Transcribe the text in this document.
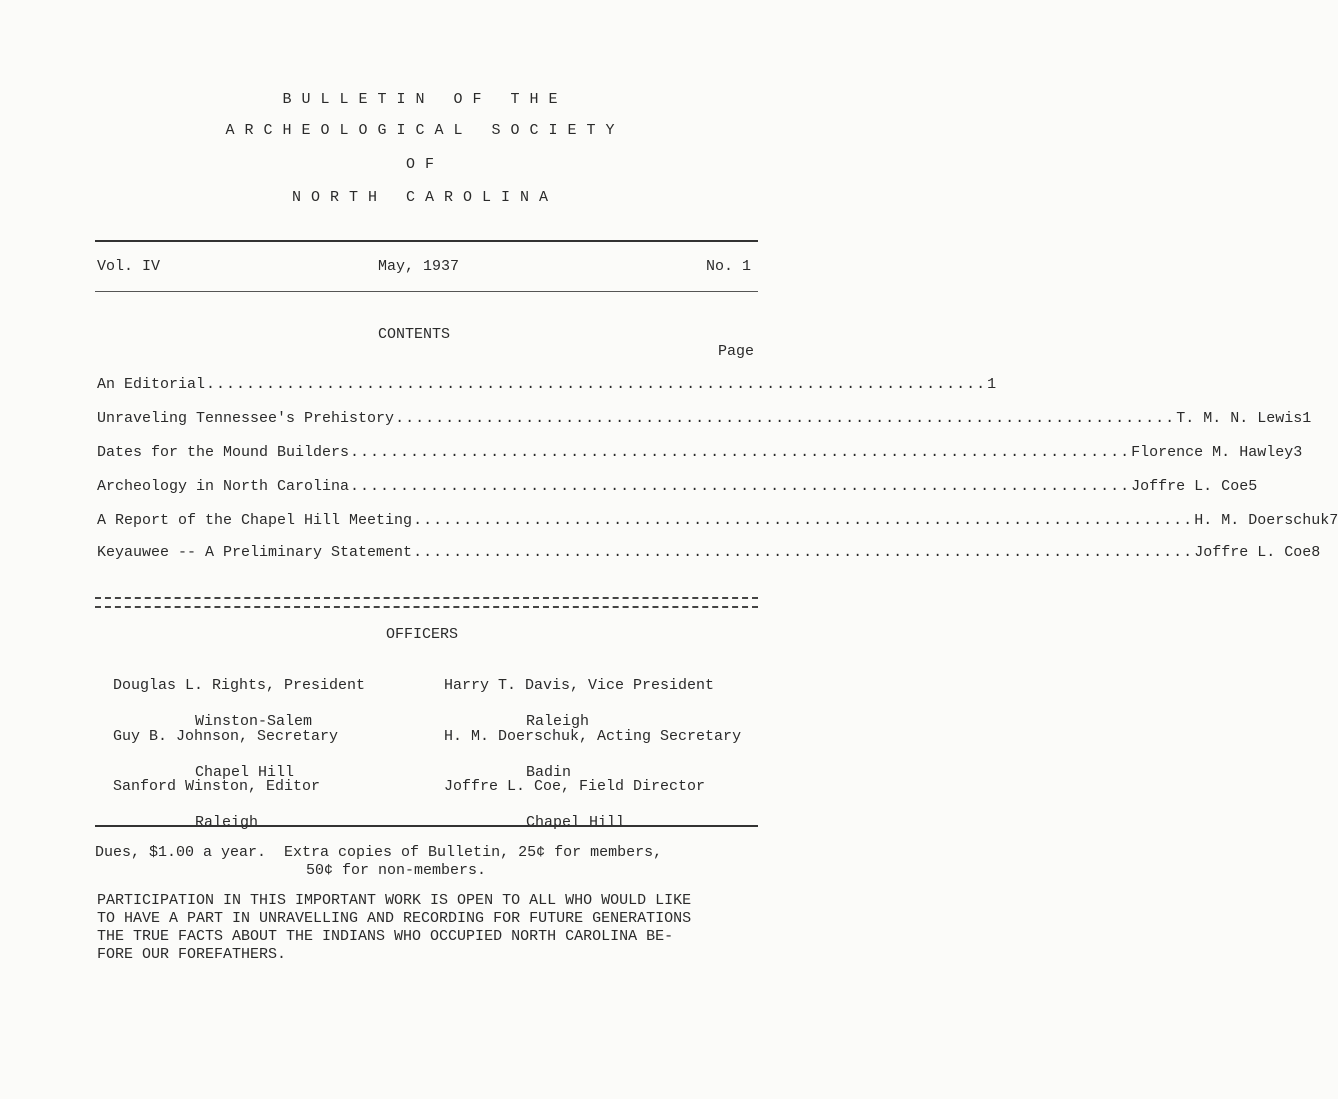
BULLETIN OF THE
ARCHEOLOGICAL SOCIETY
OF
NORTH CAROLINA
Vol. IV	May, 1937	No. 1
CONTENTS
Page
An Editorial .............................................................................. 1
Unraveling Tennessee's Prehistory .............................................................................. T. M. N. Lewis 1
Dates for the Mound Builders .............................................................................. Florence M. Hawley 3
Archeology in North Carolina .............................................................................. Joffre L. Coe 5
A Report of the Chapel Hill Meeting .............................................................................. H. M. Doerschuk 7
Keyauwee -- A Preliminary Statement .............................................................................. Joffre L. Coe 8
OFFICERS

Douglas L. Rights, President

Winston-Salem

Harry T. Davis, Vice President

Raleigh

Guy B. Johnson, Secretary

Chapel Hill

H. M. Doerschuk, Acting Secretary

Badin

Sanford Winston, Editor

Raleigh

Joffre L. Coe, Field Director

Chapel Hill

Dues, $1.00 a year.  Extra copies of Bulletin, 25¢ for members,
50¢ for non-members.
PARTICIPATION IN THIS IMPORTANT WORK IS OPEN TO ALL WHO WOULD LIKE
TO HAVE A PART IN UNRAVELLING AND RECORDING FOR FUTURE GENERATIONS
THE TRUE FACTS ABOUT THE INDIANS WHO OCCUPIED NORTH CAROLINA BE-
FORE OUR FOREFATHERS.
